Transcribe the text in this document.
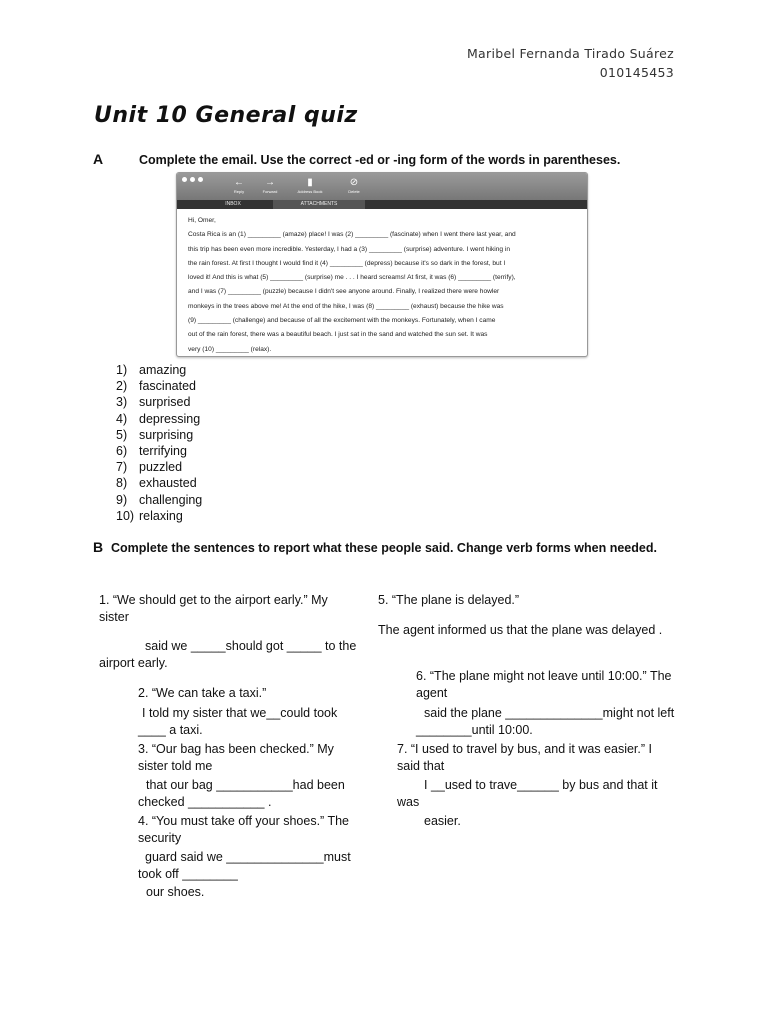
Maribel Fernanda Tirado Suárez
010145453
Unit 10 General quiz
A	Complete the email. Use the correct -ed or -ing form of the words in parentheses.
←
Reply
→
Forward
▮
Address Book
⊘
Delete
INBOX	ATTACHMENTS

Hi, Omer,

Costa Rica is an (1) _________ (amaze) place! I was (2) _________ (fascinate) when I went there last year, and

this trip has been even more incredible. Yesterday, I had a (3) _________ (surprise) adventure. I went hiking in

the rain forest. At first I thought I would find it (4) _________ (depress) because it's so dark in the forest, but I

loved it! And this is what (5) _________ (surprise) me . . . I heard screams! At first, it was (6) _________ (terrify),

and I was (7) _________ (puzzle) because I didn't see anyone around. Finally, I realized there were howler

monkeys in the trees above me! At the end of the hike, I was (8) _________ (exhaust) because the hike was

(9) _________ (challenge) and because of all the excitement with the monkeys. Fortunately, when I came

out of the rain forest, there was a beautiful beach. I just sat in the sand and watched the sun set. It was

very (10) _________ (relax).

1) amazing
2) fascinated
3) surprised
4) depressing
5) surprising
6) terrifying
7) puzzled
8) exhausted
9) challenging
10) relaxing
B Complete the sentences to report what these people said. Change verb forms when needed.
1. “We should get to the airport early.” My sister
said we _____should got _____ to the airport early.
2. “We can take a taxi.”
I told my sister that we__could took ____ a taxi.
3. “Our bag has been checked.” My sister told me
that our bag ___________had been checked ___________ .
4. “You must take off your shoes.” The security
guard said we ______________must took off ________
our shoes.
5. “The plane is delayed.”
The agent informed us that the plane was delayed .
6. “The plane might not leave until 10:00.” The agent
said the plane ______________might not left ________until 10:00.
7. “I used to travel by bus, and it was easier.” I said that
I __used to trave______ by bus and that it was
easier.
